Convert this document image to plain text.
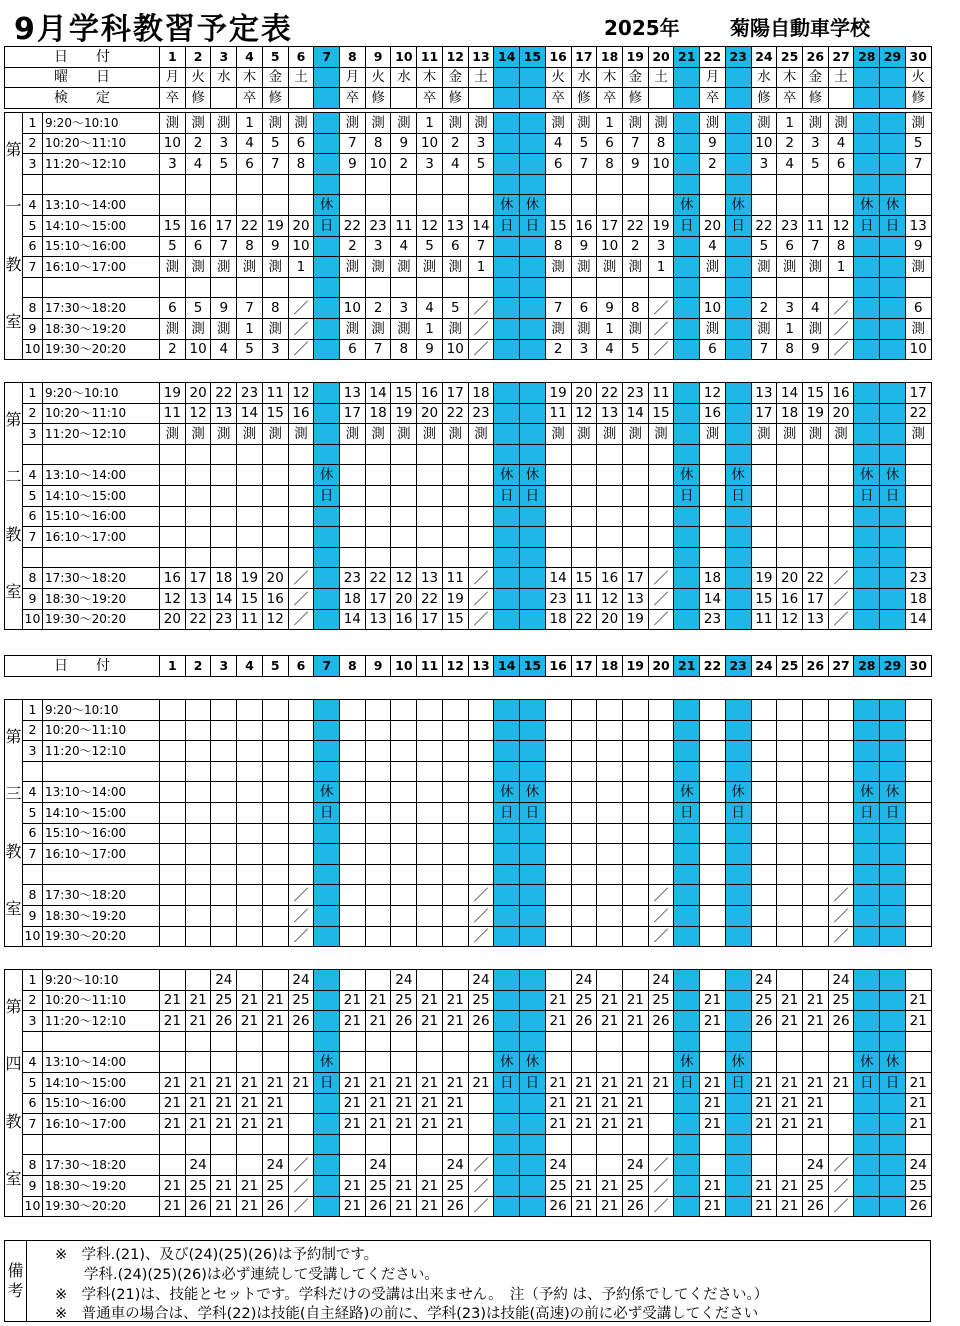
9月学科教習予定表	2025年	菊陽自動車学校
日　　付	1	2	3	4	5	6	7	8	9	10	11	12	13	14	15	16	17	18	19	20	21	22	23	24	25	26	27	28	29	30
曜　　日	月	火	水	木	金	土		月	火	水	木	金	土			火	水	木	金	土		月		水	木	金	土			火
検　　定	卒	修		卒	修			卒	修		卒	修				卒	修	卒	修			卒		修	卒	修				修
第
一
教
室	1	9:20～10:10	測	測	測	1	測	測		測	測	測	1	測	測			測	測	1	測	測		測		測	1	測	測			測
	2	10:20～11:10	10	2	3	4	5	6		7	8	9	10	2	3			4	5	6	7	8		9		10	2	3	4			5
	3	11:20～12:10	3	4	5	6	7	8		9	10	2	3	4	5			6	7	8	9	10		2		3	4	5	6			7

	4	13:10～14:00							休							休	休						休		休					休	休	
	5	14:10～15:00	15	16	17	22	19	20	日	22	23	11	12	13	14	日	日	15	16	17	22	19	日	20	日	22	23	11	12	日	日	13
	6	15:10～16:00	5	6	7	8	9	10		2	3	4	5	6	7			8	9	10	2	3		4		5	6	7	8			9
	7	16:10～17:00	測	測	測	測	測	1		測	測	測	測	測	1			測	測	測	測	1		測		測	測	測	1			測

	8	17:30～18:20	6	5	9	7	8	／		10	2	3	4	5	／			7	6	9	8	／		10		2	3	4	／			6
	9	18:30～19:20	測	測	測	1	測	／		測	測	測	1	測	／			測	測	1	測	／		測		測	1	測	／			測
	10	19:30～20:20	2	10	4	5	3	／		6	7	8	9	10	／			2	3	4	5	／		6		7	8	9	／			10
第
二
教
室	1	9:20～10:10	19	20	22	23	11	12		13	14	15	16	17	18			19	20	22	23	11		12		13	14	15	16			17
	2	10:20～11:10	11	12	13	14	15	16		17	18	19	20	22	23			11	12	13	14	15		16		17	18	19	20			22
	3	11:20～12:10	測	測	測	測	測	測		測	測	測	測	測	測			測	測	測	測	測		測		測	測	測	測			測

	4	13:10～14:00							休							休	休						休		休					休	休	
	5	14:10～15:00							日							日	日						日		日					日	日	
	6	15:10～16:00																														
	7	16:10～17:00																														

	8	17:30～18:20	16	17	18	19	20	／		23	22	12	13	11	／			14	15	16	17	／		18		19	20	22	／			23
	9	18:30～19:20	12	13	14	15	16	／		18	17	20	22	19	／			23	11	12	13	／		14		15	16	17	／			18
	10	19:30～20:20	20	22	23	11	12	／		14	13	16	17	15	／			18	22	20	19	／		23		11	12	13	／			14
日　　付	1	2	3	4	5	6	7	8	9	10	11	12	13	14	15	16	17	18	19	20	21	22	23	24	25	26	27	28	29	30
第
三
教
室	1	9:20～10:10																														
	2	10:20～11:10																														
	3	11:20～12:10																														

	4	13:10～14:00							休							休	休						休		休					休	休	
	5	14:10～15:00							日							日	日						日		日					日	日	
	6	15:10～16:00																														
	7	16:10～17:00																														

	8	17:30～18:20						／							／							／							／			
	9	18:30～19:20						／							／							／							／			
	10	19:30～20:20						／							／							／							／			
第
四
教
室	1	9:20～10:10			24			24				24			24				24			24				24			24			
	2	10:20～11:10	21	21	25	21	21	25		21	21	25	21	21	25			21	25	21	21	25		21		25	21	21	25			21
	3	11:20～12:10	21	21	26	21	21	26		21	21	26	21	21	26			21	26	21	21	26		21		26	21	21	26			21

	4	13:10～14:00							休							休	休						休		休					休	休	
	5	14:10～15:00	21	21	21	21	21	21	日	21	21	21	21	21	21	日	日	21	21	21	21	21	日	21	日	21	21	21	21	日	日	21
	6	15:10～16:00	21	21	21	21	21			21	21	21	21	21				21	21	21	21			21		21	21	21				21
	7	16:10～17:00	21	21	21	21	21			21	21	21	21	21				21	21	21	21			21		21	21	21				21

	8	17:30～18:20		24			24	／			24			24	／			24			24	／						24	／			24
	9	18:30～19:20	21	25	21	21	25	／		21	25	21	21	25	／			25	21	21	25	／		21		21	21	25	／			25
	10	19:30～20:20	21	26	21	21	26	／		21	26	21	21	26	／			26	21	21	26	／		21		21	21	26	／			26
備
考
※　学科.(21)、及び(24)(25)(26)は予約制です。
　　学科.(24)(25)(26)は必ず連続して受講してください。
※　学科(21)は、技能とセットです。学科だけの受講は出来ません。　注（予約 は、予約係でしてください。）
※　普通車の場合は、学科(22)は技能(自主経路)の前に、学科(23)は技能(高速)の前に必ず受講してください
